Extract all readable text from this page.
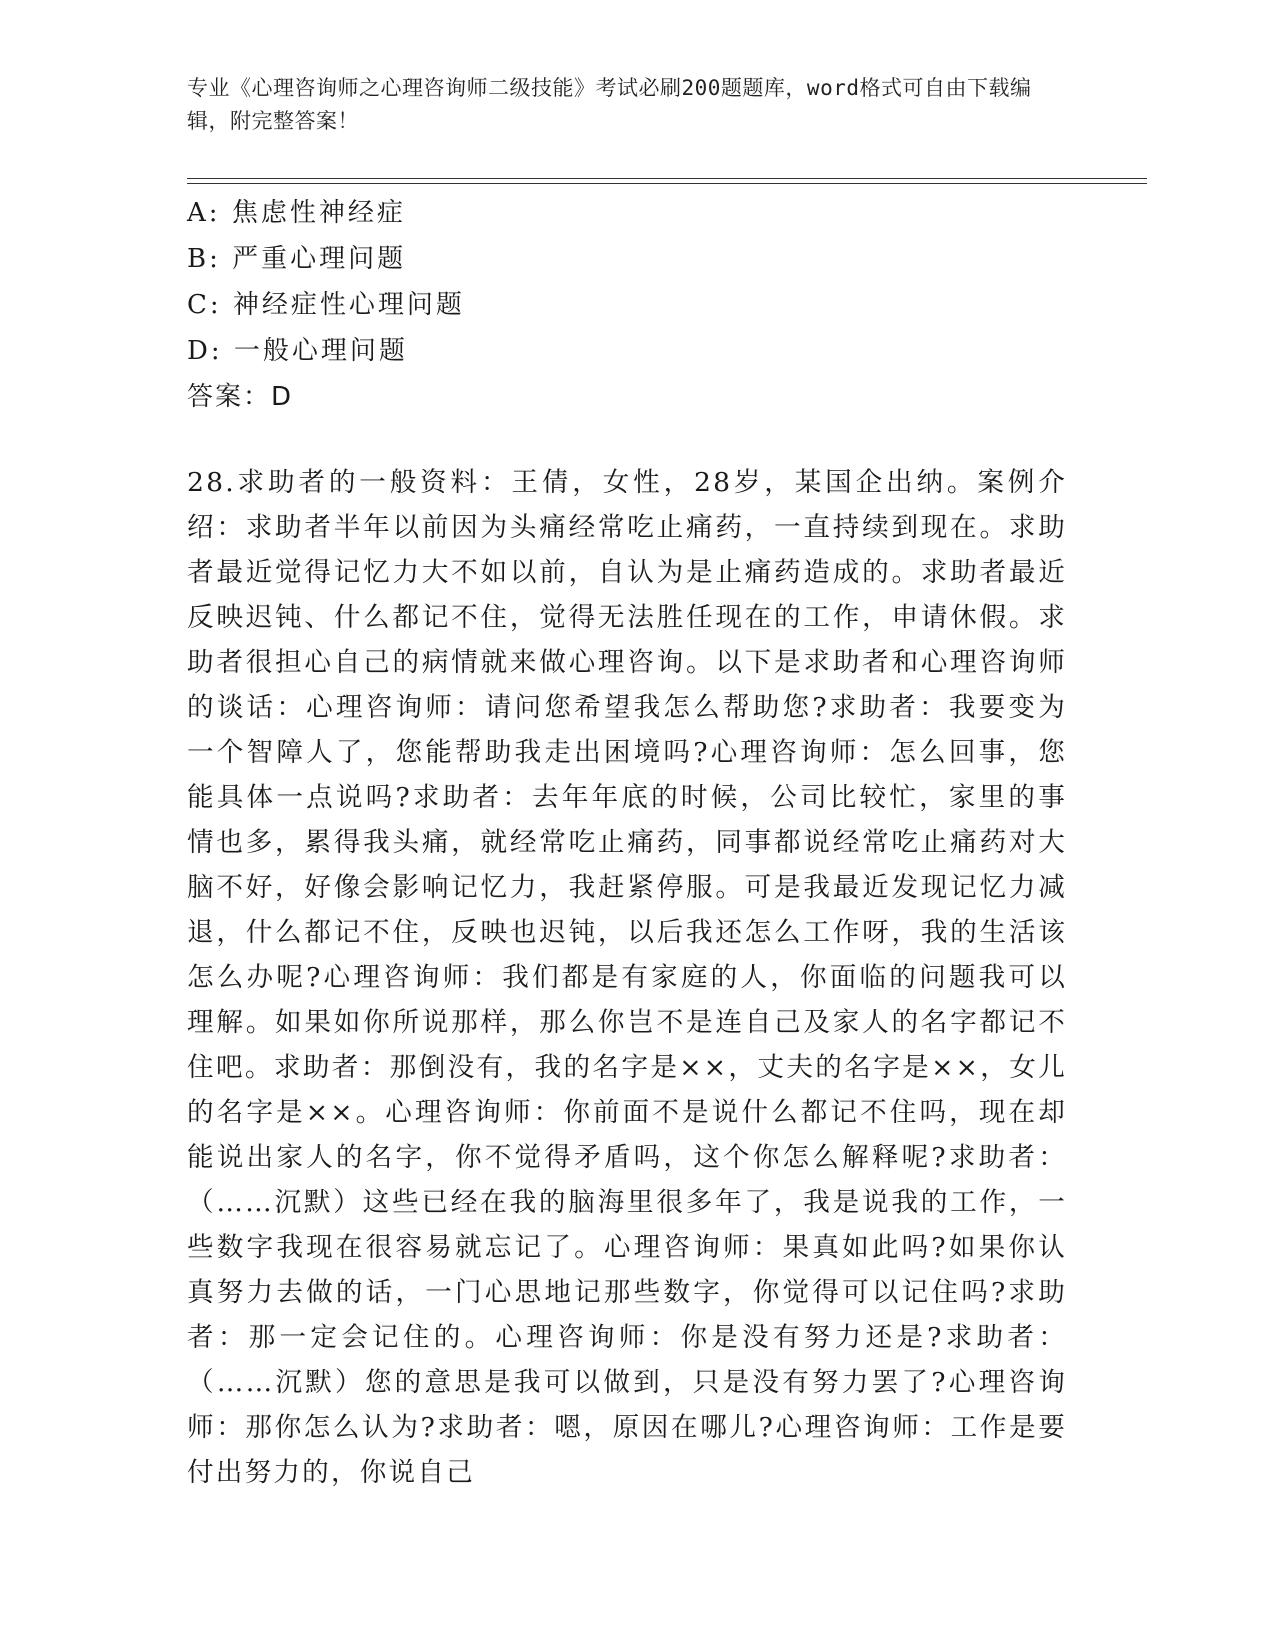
专业《心理咨询师之心理咨询师二级技能》考试必刷200题题库，word格式可自由下载编辑，附完整答案！
A: 焦虑性神经症
B: 严重心理问题
C: 神经症性心理问题
D: 一般心理问题
答案：D
28.求助者的一般资料：王倩，女性，28岁，某国企出纳。案例介绍：求助者半年以前因为头痛经常吃止痛药，一直持续到现在。求助者最近觉得记忆力大不如以前，自认为是止痛药造成的。求助者最近反映迟钝、什么都记不住，觉得无法胜任现在的工作，申请休假。求助者很担心自己的病情就来做心理咨询。以下是求助者和心理咨询师的谈话：心理咨询师：请问您希望我怎么帮助您?求助者：我要变为一个智障人了，您能帮助我走出困境吗?心理咨询师：怎么回事，您能具体一点说吗?求助者：去年年底的时候，公司比较忙，家里的事情也多，累得我头痛，就经常吃止痛药，同事都说经常吃止痛药对大脑不好，好像会影响记忆力，我赶紧停服。可是我最近发现记忆力减退，什么都记不住，反映也迟钝，以后我还怎么工作呀，我的生活该怎么办呢?心理咨询师：我们都是有家庭的人，你面临的问题我可以理解。如果如你所说那样，那么你岂不是连自己及家人的名字都记不住吧。求助者：那倒没有，我的名字是××，丈夫的名字是××，女儿的名字是××。心理咨询师：你前面不是说什么都记不住吗，现在却能说出家人的名字，你不觉得矛盾吗，这个你怎么解释呢?求助者：（……沉默）这些已经在我的脑海里很多年了，我是说我的工作，一些数字我现在很容易就忘记了。心理咨询师：果真如此吗?如果你认真努力去做的话，一门心思地记那些数字，你觉得可以记住吗?求助者：那一定会记住的。心理咨询师：你是没有努力还是?求助者：（……沉默）您的意思是我可以做到，只是没有努力罢了?心理咨询师：那你怎么认为?求助者：嗯，原因在哪儿?心理咨询师：工作是要付出努力的，你说自己
